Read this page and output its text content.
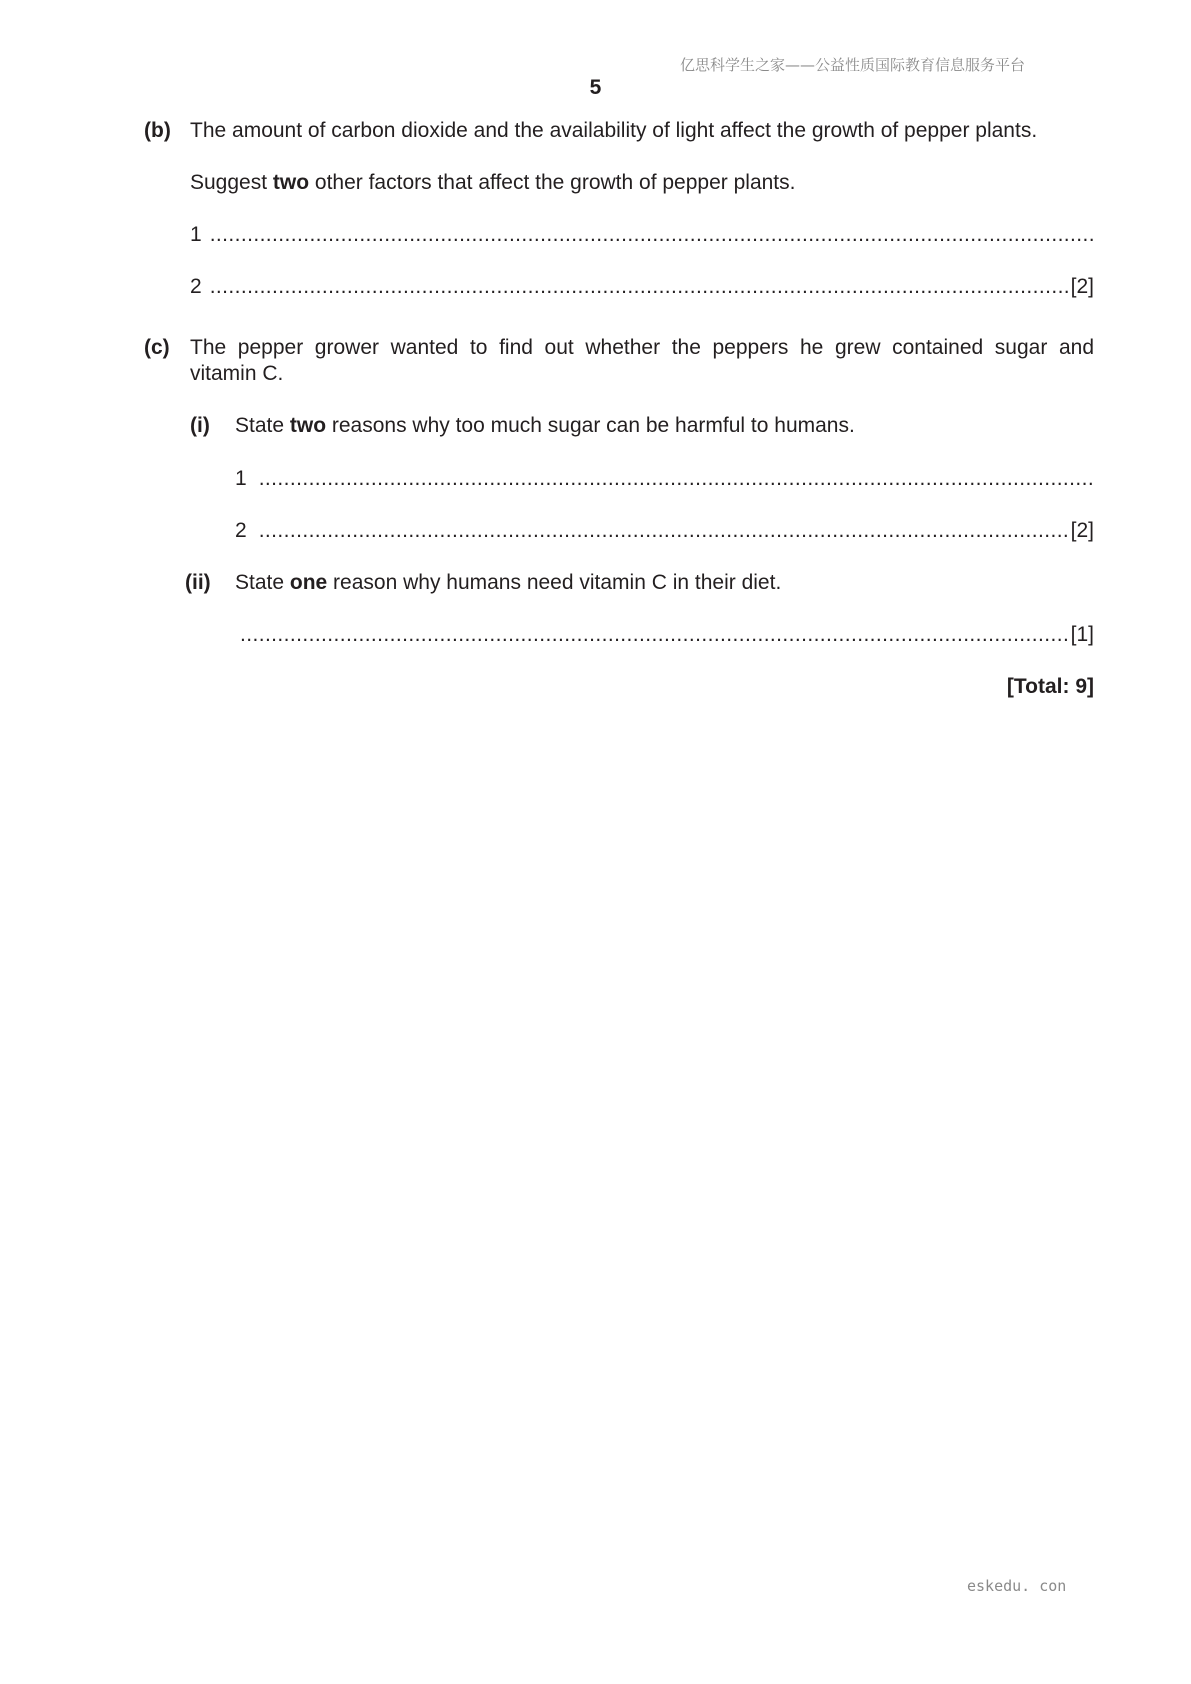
亿思科学生之家——公益性质国际教育信息服务平台
5
(b) The amount of carbon dioxide and the availability of light affect the growth of pepper plants.
Suggest two other factors that affect the growth of pepper plants.
1
.....
2 .....	[2]
(c) The pepper grower wanted to find out whether the peppers he grew contained sugar and
vitamin C.
(i) State two reasons why too much sugar can be harmful to humans.
1
.....
2 .....	[2]
(ii) State one reason why humans need vitamin C in their diet.
.....
[1]
[Total: 9]
eskedu. con
